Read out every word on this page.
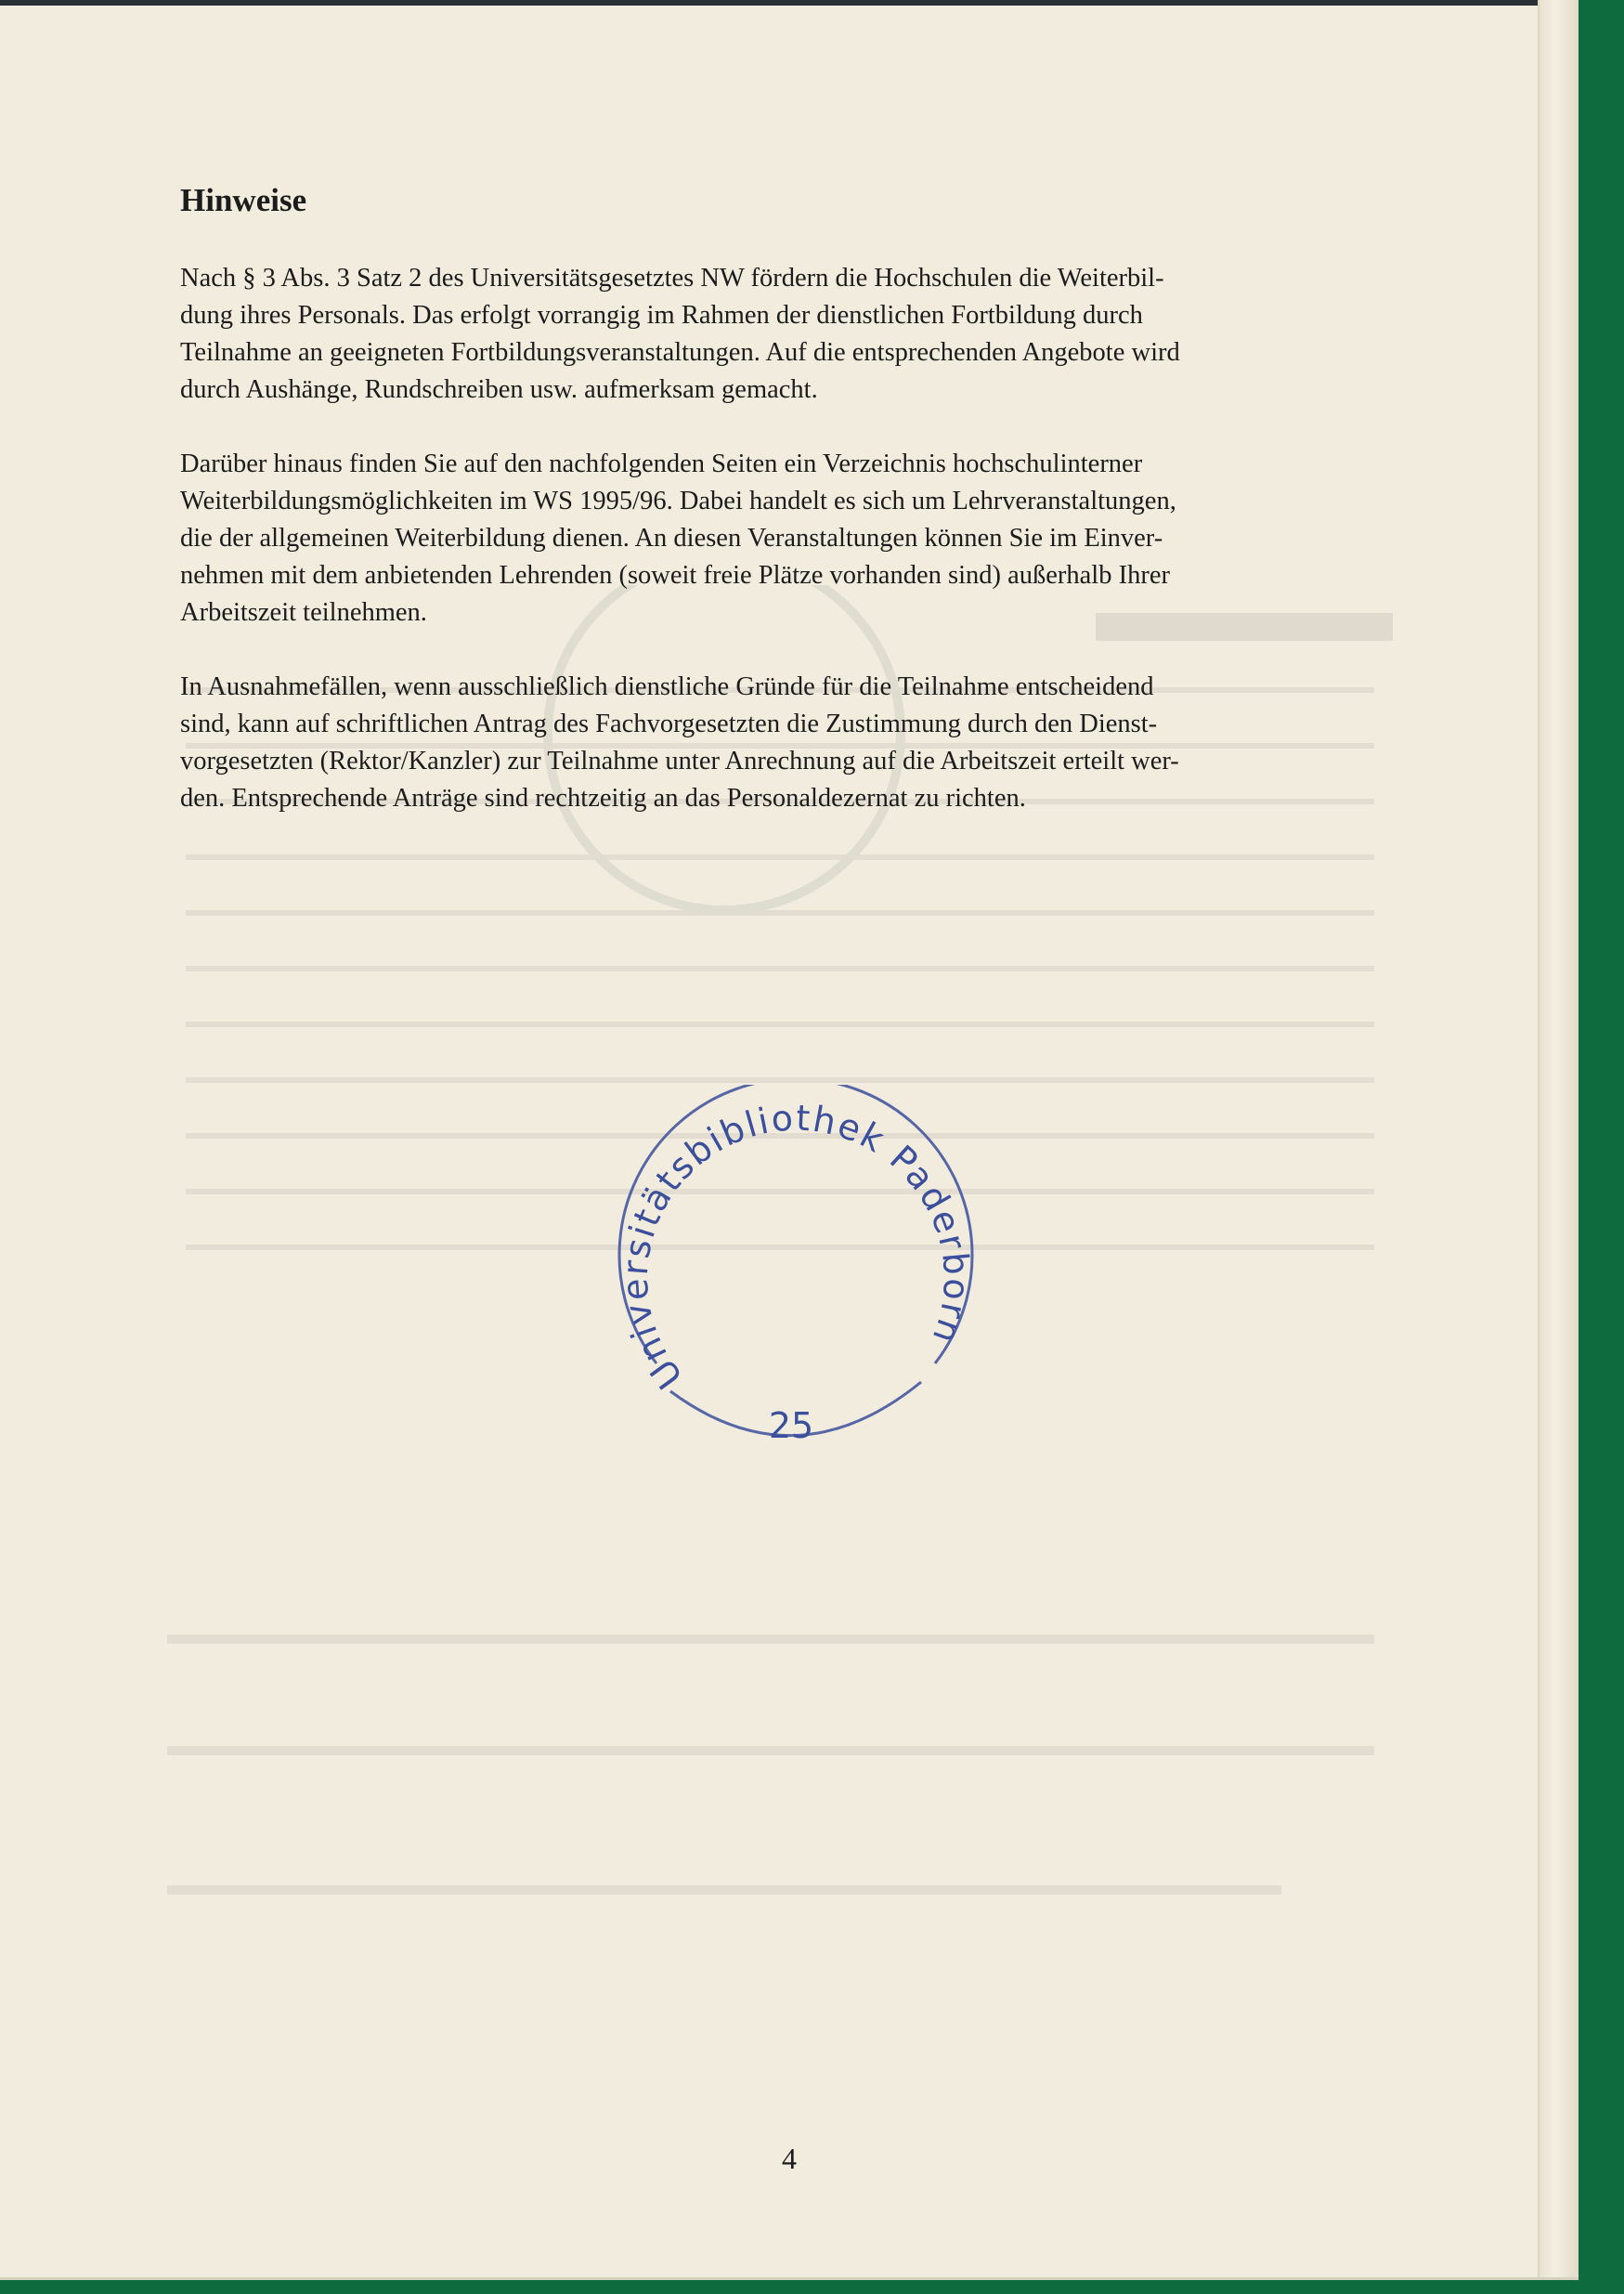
Hinweise

Nach § 3 Abs. 3 Satz 2 des Universitätsgesetztes NW fördern die Hochschulen die Weiterbil-
dung ihres Personals. Das erfolgt vorrangig im Rahmen der dienstlichen Fortbildung durch
Teilnahme an geeigneten Fortbildungsveranstaltungen. Auf die entsprechenden Angebote wird
durch Aushänge, Rundschreiben usw. aufmerksam gemacht.

Darüber hinaus finden Sie auf den nachfolgenden Seiten ein Verzeichnis hochschulinterner
Weiterbildungsmöglichkeiten im WS 1995/96. Dabei handelt es sich um Lehrveranstaltungen,
die der allgemeinen Weiterbildung dienen. An diesen Veranstaltungen können Sie im Einver-
nehmen mit dem anbietenden Lehrenden (soweit freie Plätze vorhanden sind) außerhalb Ihrer
Arbeitszeit teilnehmen.

In Ausnahmefällen, wenn ausschließlich dienstliche Gründe für die Teilnahme entscheidend
sind, kann auf schriftlichen Antrag des Fachvorgesetzten die Zustimmung durch den Dienst-
vorgesetzten (Rektor/Kanzler) zur Teilnahme unter Anrechnung auf die Arbeitszeit erteilt wer-
den. Entsprechende Anträge sind rechtzeitig an das Personaldezernat zu richten.

Universitätsbibliothek Paderborn
25
4
